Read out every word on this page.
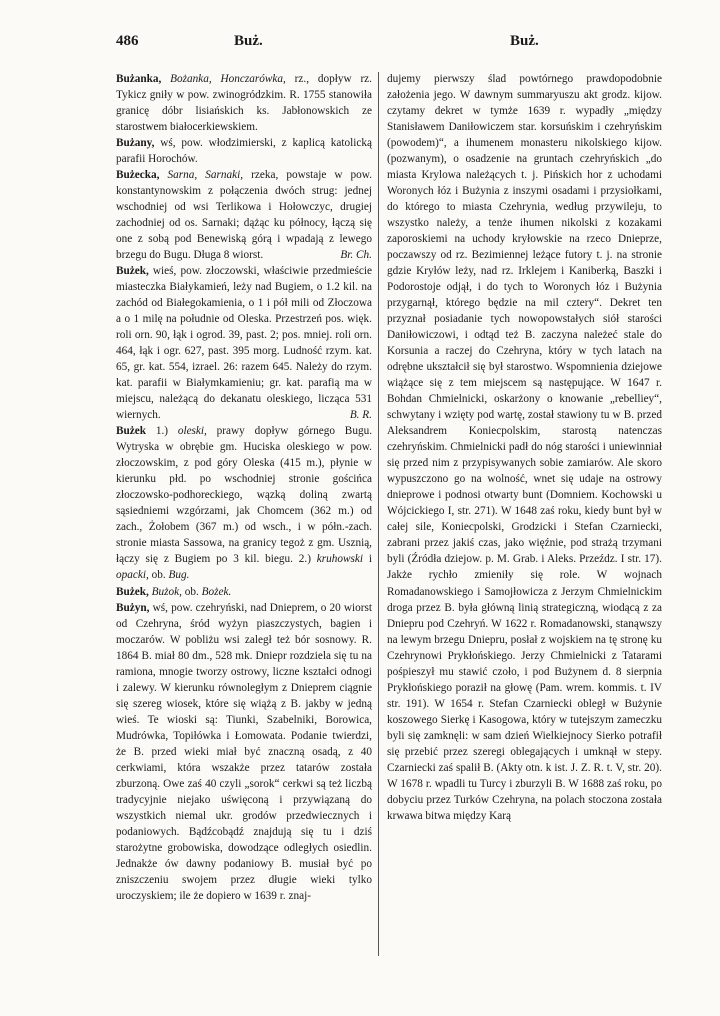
486	Buż.	Buż.

Bużanka, Bożanka, Honczarówka, rz., dopływ rz. Tykicz gniły w pow. zwinogródzkim. R. 1755 stanowiła granicę dóbr lisiańskich ks. Jabłonowskich ze starostwem białocerkiewskiem.

Bużany, wś, pow. włodzimierski, z kaplicą katolicką parafii Horochów.

Bużecka, Sarna, Sarnaki, rzeka, powstaje w pow. konstantynowskim z połączenia dwóch strug: jednej wschodniej od wsi Terlikowa i Hołowczyc, drugiej zachodniej od os. Sarnaki; dążąc ku północy, łączą się one z sobą pod Benewiską górą i wpadają z lewego brzegu do Bugu. Długa 8 wiorst.	Br. Ch.

Bużek, wieś, pow. złoczowski, właściwie przedmieście miasteczka Białykamień, leży nad Bugiem, o 1.2 kil. na zachód od Białegokamienia, o 1 i pół mili od Złoczowa a o 1 milę na południe od Oleska. Przestrzeń pos. więk. roli orn. 90, łąk i ogrod. 39, past. 2; pos. mniej. roli orn. 464, łąk i ogr. 627, past. 395 morg. Ludność rzym. kat. 65, gr. kat. 554, izrael. 26: razem 645. Należy do rzym. kat. parafii w Białymkamieniu; gr. kat. parafią ma w miejscu, należącą do dekanatu oleskiego, licząca 531 wiernych.	B. R.

Bużek 1.) oleski, prawy dopływ górnego Bugu. Wytryska w obrębie gm. Huciska oleskiego w pow. złoczowskim, z pod góry Oleska (415 m.), płynie w kierunku płd. po wschodniej stronie gościńca złoczowsko-podhoreckiego, wązką doliną zwartą sąsiedniemi wzgórzami, jak Chomcem (362 m.) od zach., Żołobem (367 m.) od wsch., i w półn.-zach. stronie miasta Sassowa, na granicy tegoż z gm. Usznią, łączy się z Bugiem po 3 kil. biegu. 2.) kruhowski i opacki, ob. Bug.

Bużek, Bużok, ob. Bożek.

Bużyn, wś, pow. czehryński, nad Dnieprem, o 20 wiorst od Czehryna, śród wyżyn piaszczystych, bagien i moczarów. W pobliżu wsi zaległ też bór sosnowy. R. 1864 B. miał 80 dm., 528 mk. Dniepr rozdziela się tu na ramiona, mnogie tworzy ostrowy, liczne kształci odnogi i zalewy. W kierunku równoległym z Dnieprem ciągnie się szereg wiosek, które się wiążą z B. jakby w jedną wieś. Te wioski są: Tiunki, Szabelniki, Borowica, Mudrówka, Topiłówka i Łomowata. Podanie twierdzi, że B. przed wieki miał być znaczną osadą, z 40 cerkwiami, która wszakże przez tatarów została zburzoną. Owe zaś 40 czyli „sorok“ cerkwi są też liczbą tradycyjnie niejako uświęconą i przywiązaną do wszystkich niemal ukr. grodów przedwiecznych i podaniowych. Bądźcobądź znajdują się tu i dziś starożytne grobowiska, dowodzące odległych osiedlin. Jednakże ów dawny podaniowy B. musiał być po zniszczeniu swojem przez długie wieki tylko uroczyskiem; ile że dopiero w 1639 r. znaj-

dujemy pierwszy ślad powtórnego prawdopodobnie założenia jego. W dawnym summaryuszu akt grodz. kijow. czytamy dekret w tymże 1639 r. wypadły „między Stanisławem Daniłowiczem star. korsuńskim i czehryńskim (powodem)“, a ihumenem monasteru nikolskiego kijow. (pozwanym), o osadzenie na gruntach czehryńskich „do miasta Krylowa należących t. j. Pińskich hor z uchodami Woronych łóz i Bużynia z inszymi osadami i przysiołkami, do którego to miasta Czehrynia, według przywileju, to wszystko należy, a tenże ihumen nikolski z kozakami zaporoskiemi na uchody kryłowskie na rzeco Dnieprze, poczawszy od rz. Bezimiennej leżące futory t. j. na stronie gdzie Kryłów leży, nad rz. Irklejem i Kaniberką, Baszki i Podorostoje odjął, i do tych to Woronych łóz i Bużynia przygarnął, którego będzie na mil cztery“. Dekret ten przyznał posiadanie tych nowopowstałych siół starości Daniłowiczowi, i odtąd też B. zaczyna należeć stale do Korsunia a raczej do Czehryna, który w tych latach na odrębne ukształcił się był starostwo. Wspomnienia dziejowe wiążące się z tem miejscem są następujące. W 1647 r. Bohdan Chmielnicki, oskarżony o knowanie „rebelliey“, schwytany i wzięty pod wartę, został stawiony tu w B. przed Aleksandrem Koniecpolskim, starostą natenczas czehryńskim. Chmielnicki padł do nóg starości i uniewinniał się przed nim z przypisywanych sobie zamiarów. Ale skoro wypuszczono go na wolność, wnet się udaje na ostrowy dnieprowe i podnosi otwarty bunt (Domniem. Kochowski u Wójcickiego I, str. 271). W 1648 zaś roku, kiedy bunt był w całej sile, Koniecpolski, Grodzicki i Stefan Czarniecki, zabrani przez jakiś czas, jako więźnie, pod strażą trzymani byli (Źródła dziejow. p. M. Grab. i Aleks. Przeźdz. I str. 17). Jakże rychło zmieniły się role. W wojnach Romadanowskiego i Samojłowicza z Jerzym Chmielnickim droga przez B. była główną linią strategiczną, wiodącą z za Dniepru pod Czehryń. W 1622 r. Romadanowski, stanąwszy na lewym brzegu Dniepru, posłał z wojskiem na tę stronę ku Czehrynowi Prykłońskiego. Jerzy Chmielnicki z Tatarami pośpieszył mu stawić czoło, i pod Bużynem d. 8 sierpnia Prykłońskiego poraził na głowę (Pam. wrem. kommis. t. IV str. 191). W 1654 r. Stefan Czarniecki obległ w Bużynie koszowego Sierkę i Kasogowa, który w tutejszym zameczku byli się zamknęli: w sam dzień Wielkiejnocy Sierko potrafił się przebić przez szeregi oblegających i umknął w stepy. Czarniecki zaś spalił B. (Akty otn. k ist. J. Z. R. t. V, str. 20). W 1678 r. wpadli tu Turcy i zburzyli B. W 1688 zaś roku, po dobyciu przez Turków Czehryna, na polach stoczona została krwawa bitwa między Karą
